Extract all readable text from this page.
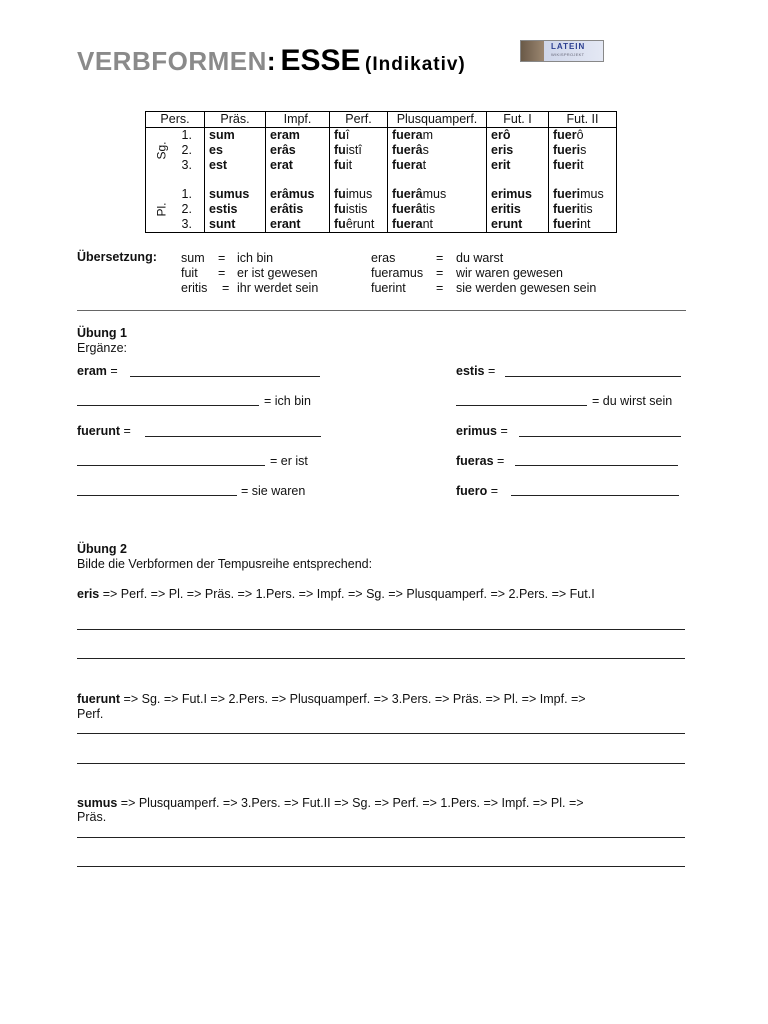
VERBFORMEN: ESSE (Indikativ)
LATEIN
WIKISPROJEKT
Pers.		Präs.	Impf.	Perf.	Plusquamperf.	Fut. I	Fut. II
Sg.	1.	sum	eram	fuî	fueram	erô	fuerô
	2.	es	erâs	fuistî	fuerâs	eris	fueris
	3.	est	erat	fuit	fuerat	erit	fuerit

Pl.	1.	sumus	erâmus	fuimus	fuerâmus	erimus	fuerimus
	2.	estis	erâtis	fuistis	fuerâtis	eritis	fueritis
	3.	sunt	erant	fuêrunt	fuerant	erunt	fuerint
Übersetzung: sum = ich bin	eras	= du warst
fuit = er ist gewesen	fueramus = wir waren gewesen
eritis = ihr werdet sein	fuerint = sie werden gewesen sein
Übung 1
Ergänze:
eram =	estis =
= ich bin	= du wirst sein
fuerunt =	erimus =
= er ist	fueras =
= sie waren	fuero =
Übung 2
Bilde die Verbformen der Tempusreihe entsprechend:
eris => Perf. => Pl. => Präs. => 1.Pers. => Impf. => Sg. => Plusquamperf. => 2.Pers. => Fut.I
fuerunt => Sg. => Fut.I => 2.Pers. => Plusquamperf. => 3.Pers. => Präs. => Pl. => Impf. =>
Perf.
sumus => Plusquamperf. => 3.Pers. => Fut.II => Sg. => Perf. => 1.Pers. => Impf. => Pl. =>
Präs.
